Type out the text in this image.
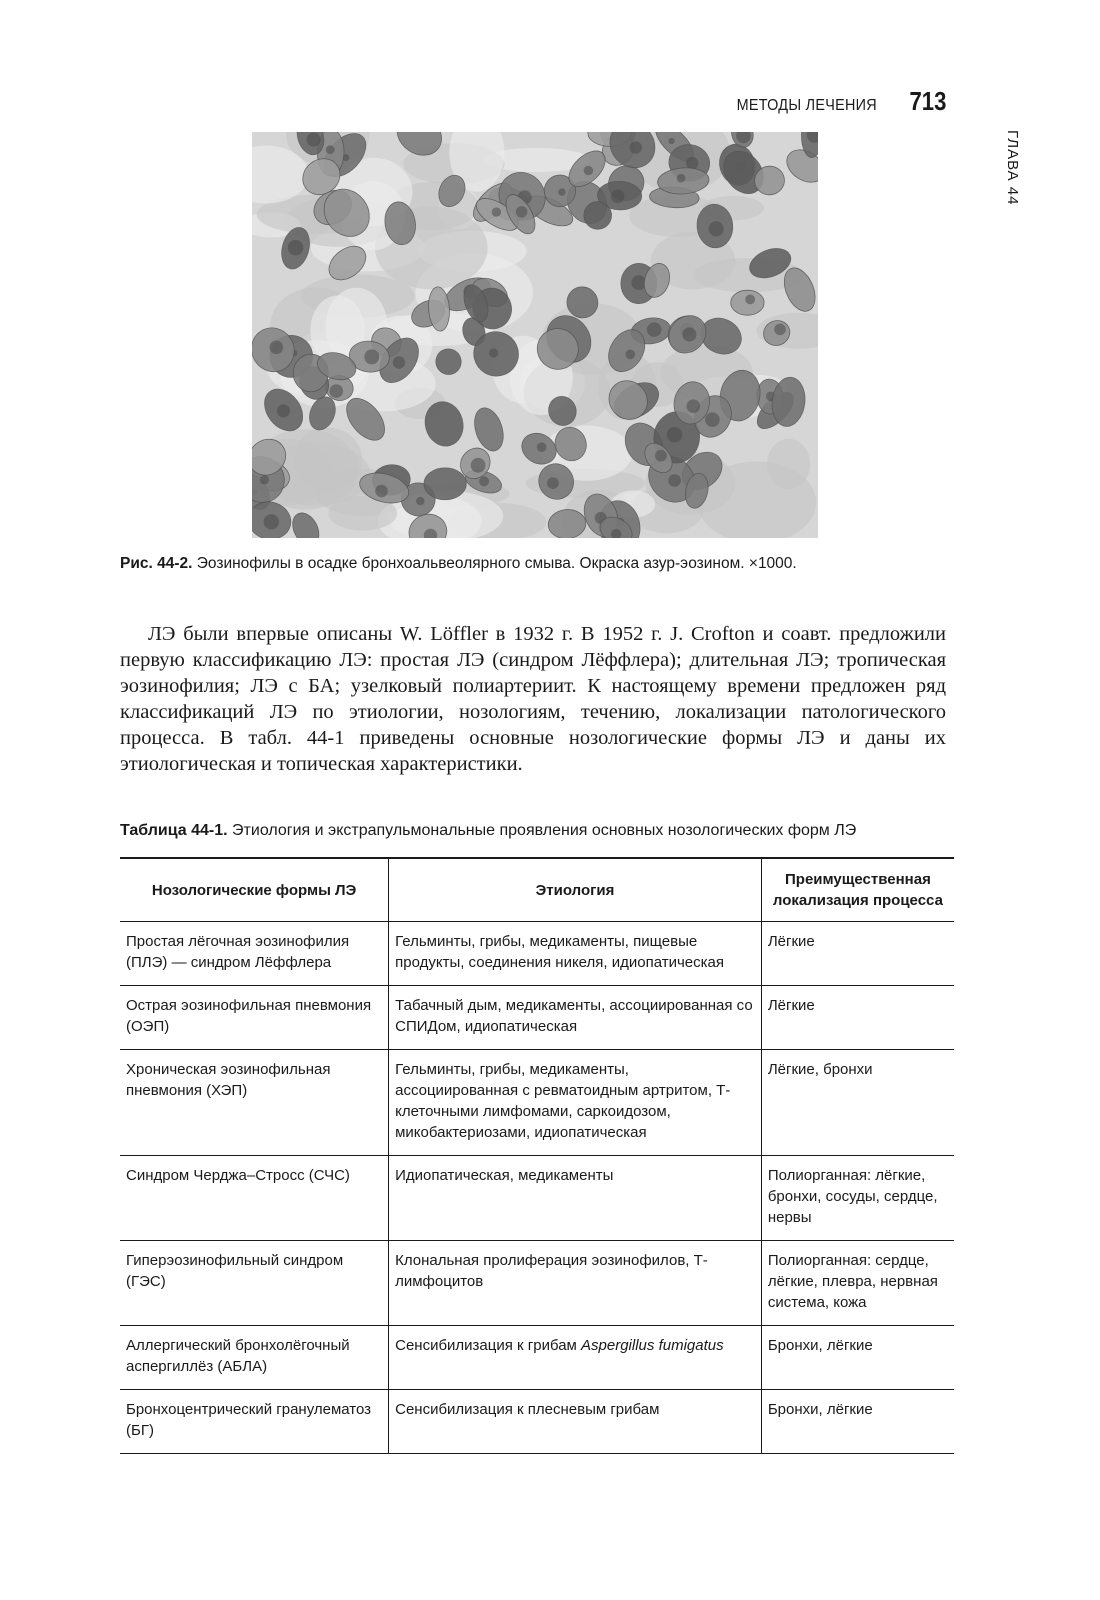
МЕТОДЫ ЛЕЧЕНИЯ 713
ГЛАВА 44
Рис. 44-2. Эозинофилы в осадке бронхоальвеолярного смыва. Окраска азур-эозином. ×1000.

ЛЭ были впервые описаны W. Löffler в 1932 г. В 1952 г. J. Crofton и соавт. предложили первую классификацию ЛЭ: простая ЛЭ (синдром Лёффлера); длительная ЛЭ; тропическая эозинофилия; ЛЭ с БА; узелковый полиартериит. К настоящему времени предложен ряд классификаций ЛЭ по этиологии, нозологиям, течению, локализации патологического процесса. В табл. 44-1 приведены основные нозологические формы ЛЭ и даны их этиологическая и топическая характеристики.

Таблица 44-1. Этиология и экстрапульмональные проявления основных нозологических форм ЛЭ
Нозологические формы ЛЭ	Этиология	Преимущественная локализация процесса
Простая лёгочная эозинофилия (ПЛЭ) — синдром Лёффлера	Гельминты, грибы, медикаменты, пищевые продукты, соединения никеля, идиопатическая	Лёгкие
Острая эозинофильная пневмония (ОЭП)	Табачный дым, медикаменты, ассоциированная со СПИДом, идиопатическая	Лёгкие
Хроническая эозинофильная пневмония (ХЭП)	Гельминты, грибы, медикаменты, ассоциированная с ревматоидным артритом, Т-клеточными лимфомами, саркоидозом, микобактериозами, идиопатическая	Лёгкие, бронхи
Синдром Черджа–Стросс (СЧС)	Идиопатическая, медикаменты	Полиорганная: лёгкие, бронхи, сосуды, сердце, нервы
Гиперэозинофильный синдром (ГЭС)	Клональная пролиферация эозинофилов, Т-лимфоцитов	Полиорганная: сердце, лёгкие, плевра, нервная система, кожа
Аллергический бронхолёгочный аспергиллёз (АБЛА)	Сенсибилизация к грибам Aspergillus fumigatus	Бронхи, лёгкие
Бронхоцентрический гранулематоз (БГ)	Сенсибилизация к плесневым грибам	Бронхи, лёгкие
